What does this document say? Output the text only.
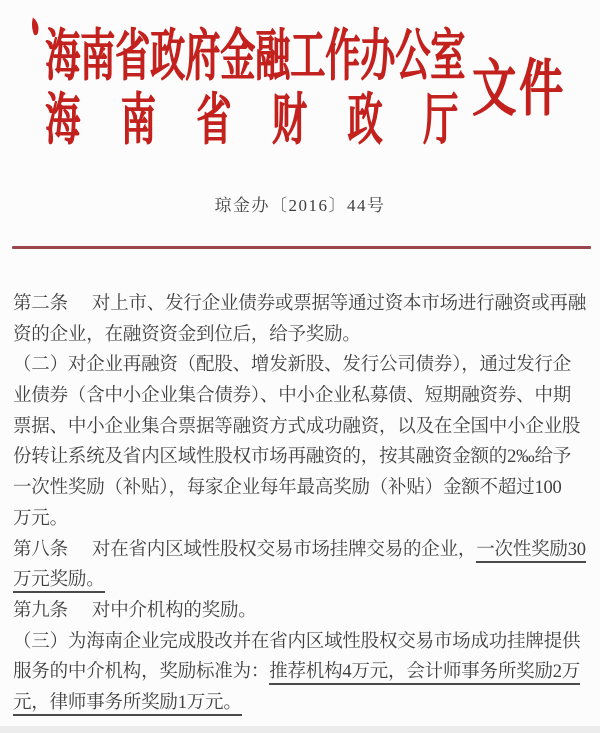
海 南 省 政 府 金 融 工 作 办 公 室
海 南 省 财 政 厅 文件
琼金办〔2016〕44号
第二条 对上市、发行企业债券或票据等通过资本市场进行融资或再融
资的企业，在融资资金到位后，给予奖励。
（二）对企业再融资（配股、增发新股、发行公司债券），通过发行企
业债券（含中小企业集合债券）、中小企业私募债、短期融资券、中期
票据、中小企业集合票据等融资方式成功融资，以及在全国中小企业股
份转让系统及省内区域性股权市场再融资的，按其融资金额的2‰给予
一次性奖励（补贴），每家企业每年最高奖励（补贴）金额不超过100
万元。
第八条 对在省内区域性股权交易市场挂牌交易的企业，一次性奖励30
万元奖励。
第九条 对中介机构的奖励。
（三）为海南企业完成股改并在省内区域性股权交易市场成功挂牌提供
服务的中介机构，奖励标准为：推荐机构4万元，会计师事务所奖励2万
元，律师事务所奖励1万元。
